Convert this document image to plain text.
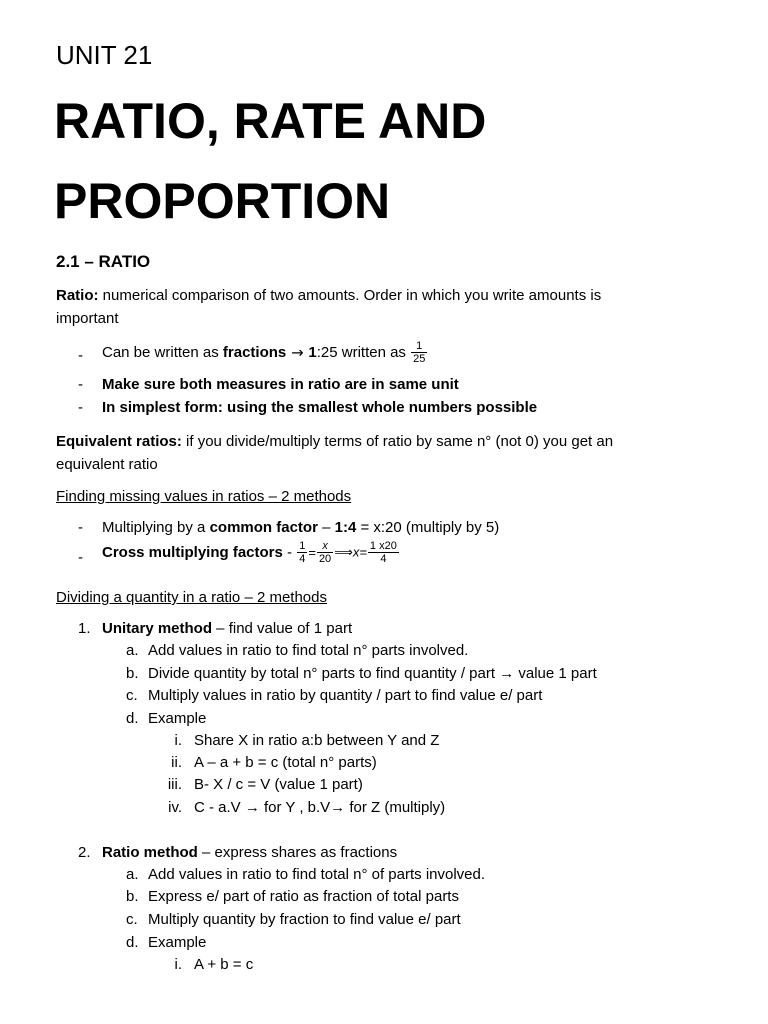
UNIT 21
RATIO, RATE AND
PROPORTION
2.1 – RATIO
Ratio: numerical comparison of two amounts. Order in which you write amounts is
important
- Can be written as fractions → 1:25 written as $\frac{1}{25}$
- Make sure both measures in ratio are in same unit
- In simplest form: using the smallest whole numbers possible
Equivalent ratios: if you divide/multiply terms of ratio by same n° (not 0) you get an
equivalent ratio
Finding missing values in ratios – 2 methods
- Multiplying by a common factor – 1:4 = x:20 (multiply by 5)
- Cross multiplying factors - $\frac{1}{4} = \frac{x}{20}$ ⟹x= $\frac{1 x20}{4}$
Dividing a quantity in a ratio – 2 methods
1. Unitary method – find value of 1 part
a. Add values in ratio to find total n° parts involved.
b. Divide quantity by total n° parts to find quantity / part → value 1 part
c. Multiply values in ratio by quantity / part to find value e/ part
d. Example
i. Share X in ratio a:b between Y and Z
ii. A – a + b = c (total n° parts)
iii. B- X / c = V (value 1 part)
iv. C - a.V → for Y , b.V→ for Z (multiply)
2. Ratio method – express shares as fractions
a. Add values in ratio to find total n° of parts involved.
b. Express e/ part of ratio as fraction of total parts
c. Multiply quantity by fraction to find value e/ part
d. Example
i. A + b = c
